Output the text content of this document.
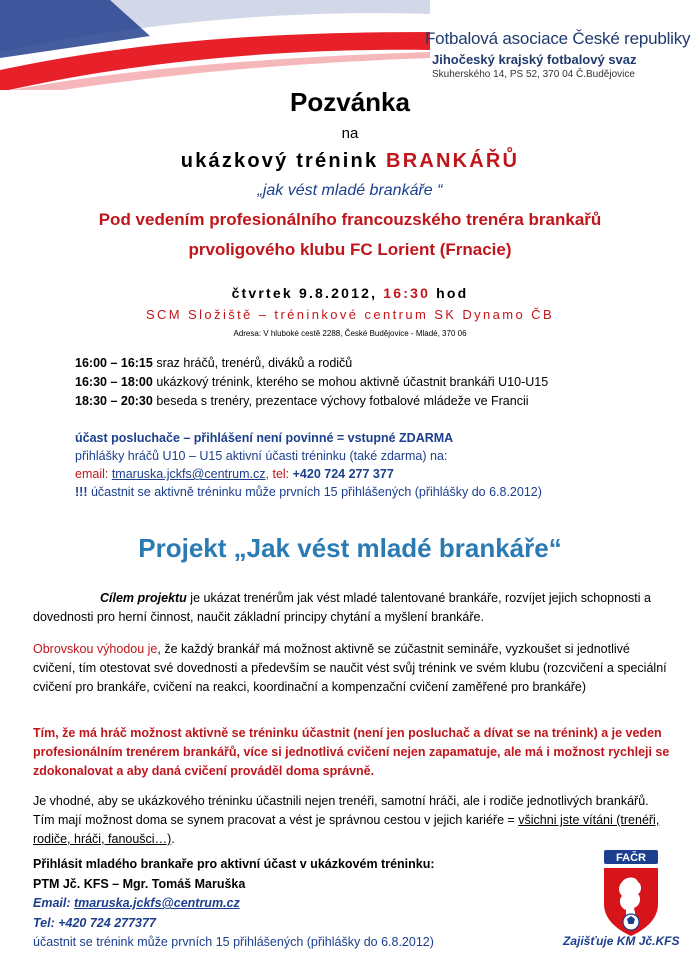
Fotbalová asociace České republiky
Jihočeský krajský fotbalový svaz
Skuherského 14, PS 52, 370 04 Č.Budějovice
Pozvánka
na
ukázkový trénink BRANKÁŘŮ
„jak vést mladé brankáře “
Pod vedením profesionálního francouzského trenéra brankařů
prvoligového klubu FC Lorient (Frnacie)
čtvrtek 9.8.2012, 16:30 hod
SCM Složiště – tréninkové centrum SK Dynamo ČB
Adresa: V hluboké cestě 2288, České Budějovice - Mladé, 370 06
16:00 – 16:15 sraz hráčů, trenérů, diváků a rodičů
16:30 – 18:00 ukázkový trénink, kterého se mohou aktivně účastnit brankáři U10-U15
18:30 – 20:30 beseda s trenéry, prezentace výchovy fotbalové mládeže ve Francii
účast posluchače – přihlášení není povinné = vstupné ZDARMA
přihlášky hráčů U10 – U15 aktivní účasti tréninku (také zdarma) na:
email: tmaruska.jckfs@centrum.cz, tel: +420 724 277 377
!!! účastnit se aktivně tréninku může prvních 15 přihlášených (přihlášky do 6.8.2012)
Projekt „Jak vést mladé brankáře“
Cílem projektu je ukázat trenérům jak vést mladé talentované brankáře, rozvíjet jejich schopnosti a dovednosti pro herní činnost, naučit základní principy chytání a myšlení brankáře.
Obrovskou výhodou je, že každý brankář má možnost aktivně se zúčastnit semináře, vyzkoušet si jednotlivé cvičení, tím otestovat své dovednosti a především se naučit vést svůj trénink ve svém klubu (rozcvičení a speciální cvičení pro brankáře, cvičení na reakci, koordinační a kompenzační cvičení zaměřené pro brankáře)
Tím, že má hráč možnost aktivně se tréninku účastnit (není jen posluchač a dívat se na trénink) a je veden profesionálním trenérem brankářů, více si jednotlivá cvičení nejen zapamatuje, ale má i možnost rychleji se zdokonalovat a aby daná cvičení prováděl doma správně.
Je vhodné, aby se ukázkového tréninku účastnili nejen trenéři, samotní hráči, ale i rodiče jednotlivých brankářů. Tím mají možnost doma se synem pracovat a vést je správnou cestou v jejich kariéře = všichni jste vítáni (trenéři, rodiče, hráči, fanoušci…).
Přihlásit mladého brankaře pro aktivní účast v ukázkovém tréninku:
PTM Jč. KFS – Mgr. Tomáš Maruška
Email: tmaruska.jckfs@centrum.cz
Tel: +420 724 277377
účastnit se trénink může prvních 15 přihlášených (přihlášky do 6.8.2012)
FAČR
Zajišťuje KM Jč.KFS
